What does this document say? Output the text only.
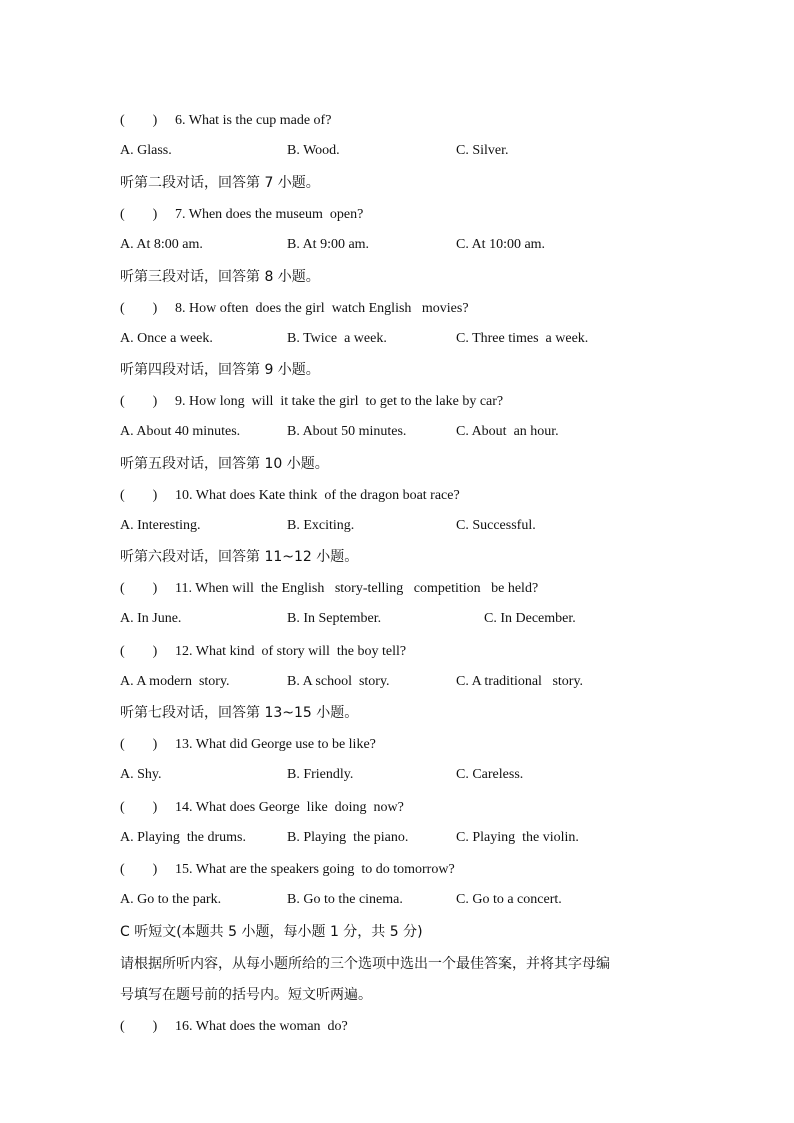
(        ) 6. What is the cup made of?
A. Glass.	B. Wood.	C. Silver.
听第二段对话，回答第 7 小题。
(        ) 7. When does the museum  open?
A. At 8:00 am.	B. At 9:00 am.	C. At 10:00 am.
听第三段对话，回答第 8 小题。
(        ) 8. How often  does the girl  watch English   movies?
A. Once a week.	B. Twice  a week.	C. Three times  a week.
听第四段对话，回答第 9 小题。
(        ) 9. How long  will  it take the girl  to get to the lake by car?
A. About 40 minutes.	B. About 50 minutes.	C. About  an hour.
听第五段对话，回答第 10 小题。
(        ) 10. What does Kate think  of the dragon boat race?
A. Interesting.	B. Exciting.	C. Successful.
听第六段对话，回答第 11~12 小题。
(        ) 11. When will  the English   story-telling   competition   be held?
A. In June.	B. In September.	C. In December.
(        ) 12. What kind  of story will  the boy tell?
A. A modern  story.	B. A school  story.	C. A traditional   story.
听第七段对话，回答第 13~15 小题。
(        ) 13. What did George use to be like?
A. Shy.	B. Friendly.	C. Careless.
(        ) 14. What does George  like  doing  now?
A. Playing  the drums.	B. Playing  the piano.	C. Playing  the violin.
(        ) 15. What are the speakers going  to do tomorrow?
A. Go to the park.	B. Go to the cinema.	C. Go to a concert.
C 听短文(本题共 5 小题，每小题 1 分，共 5 分)
请根据所听内容，从每小题所给的三个选项中选出一个最佳答案，并将其字母编
号填写在题号前的括号内。短文听两遍。
(        ) 16. What does the woman  do?
